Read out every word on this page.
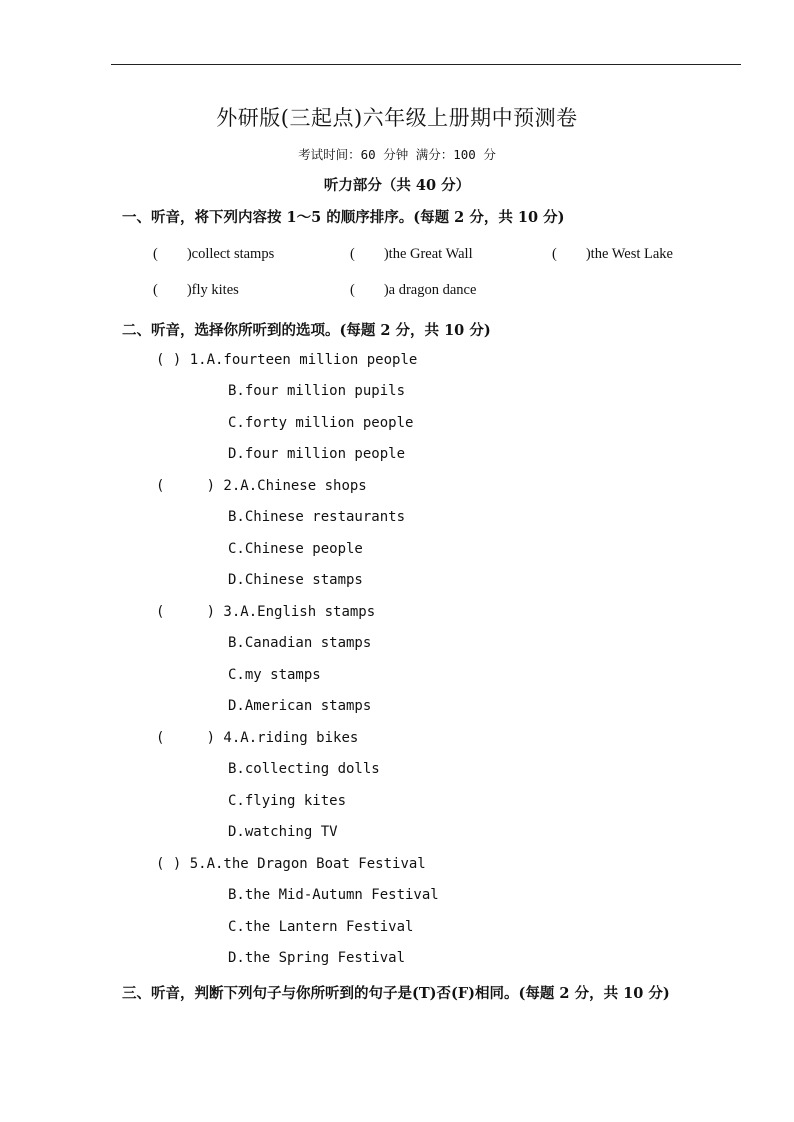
外研版(三起点)六年级上册期中预测卷
考试时间：60 分钟 满分：100 分
听力部分（共 40 分）
一、听音，将下列内容按 1～5 的顺序排序。(每题 2 分，共 10 分)
(        )collect stamps	(        )the Great Wall	(        )the West Lake
(        )fly kites	(        )a dragon dance
二、听音，选择你所听到的选项。(每题 2 分，共 10 分)
( ) 1.A.fourteen million people
B.four million pupils
C.forty million people
D.four million people
(     ) 2.A.Chinese shops
B.Chinese restaurants
C.Chinese people
D.Chinese stamps
(     ) 3.A.English stamps
B.Canadian stamps
C.my stamps
D.American stamps
(     ) 4.A.riding bikes
B.collecting dolls
C.flying kites
D.watching TV
( ) 5.A.the Dragon Boat Festival
B.the Mid-Autumn Festival
C.the Lantern Festival
D.the Spring Festival
三、听音，判断下列句子与你所听到的句子是(T)否(F)相同。(每题 2 分，共 10 分)
